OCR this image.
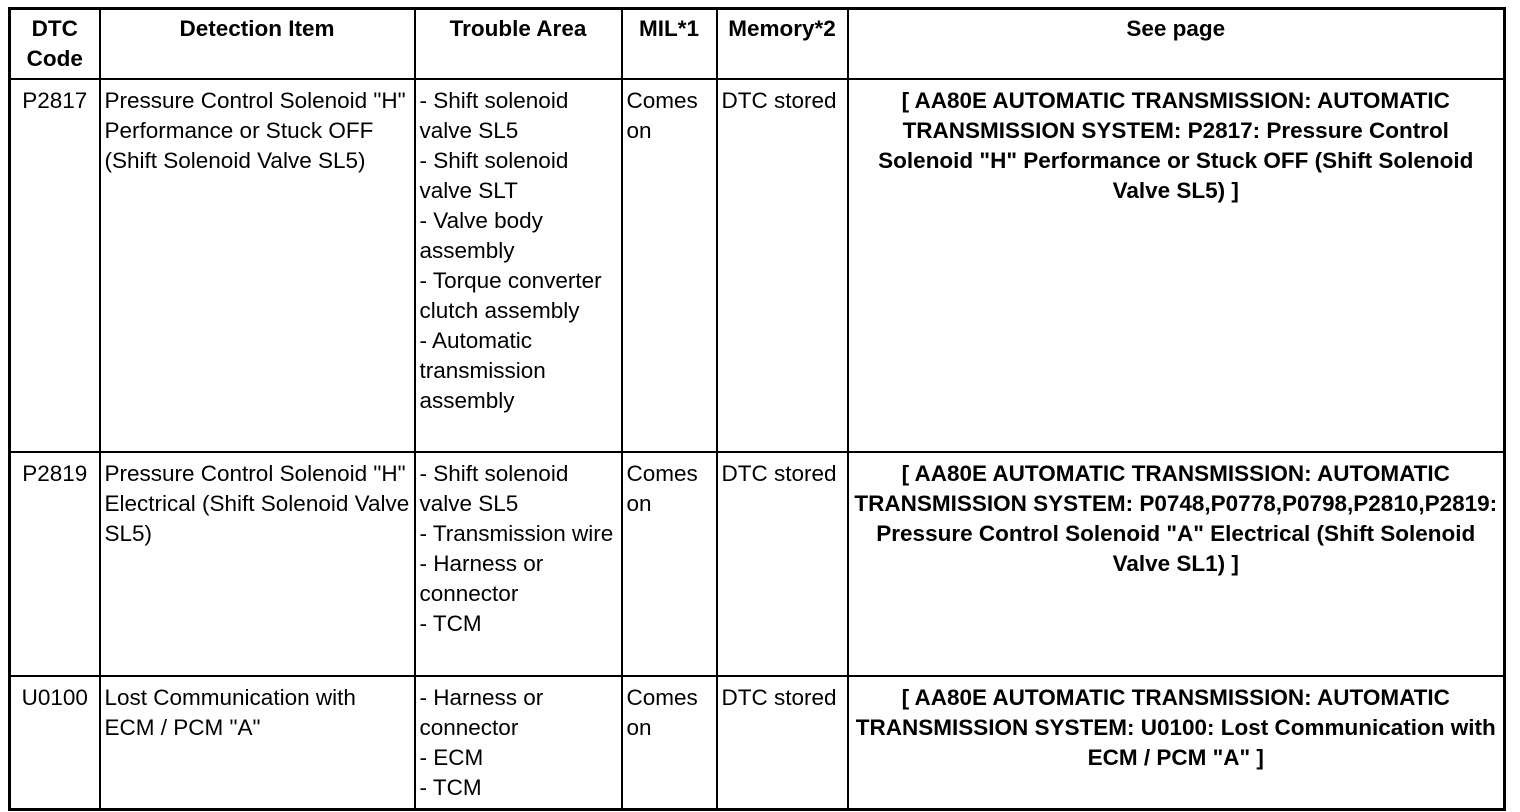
DTC Code	Detection Item	Trouble Area	MIL*1	Memory*2	See page
P2817	Pressure Control Solenoid "H" Performance or Stuck OFF (Shift Solenoid Valve SL5)	- Shift solenoid valve SL5
- Shift solenoid valve SLT
- Valve body assembly
- Torque converter clutch assembly
- Automatic transmission assembly	Comes on	DTC stored	[ AA80E AUTOMATIC TRANSMISSION: AUTOMATIC TRANSMISSION SYSTEM: P2817: Pressure Control Solenoid "H" Performance or Stuck OFF (Shift Solenoid Valve SL5) ]
P2819	Pressure Control Solenoid "H" Electrical (Shift Solenoid Valve SL5)	- Shift solenoid valve SL5
- Transmission wire
- Harness or connector
- TCM	Comes on	DTC stored	[ AA80E AUTOMATIC TRANSMISSION: AUTOMATIC TRANSMISSION SYSTEM: P0748,P0778,P0798,P2810,P2819: Pressure Control Solenoid "A" Electrical (Shift Solenoid Valve SL1) ]
U0100	Lost Communication with ECM / PCM "A"	- Harness or connector
- ECM
- TCM	Comes on	DTC stored	[ AA80E AUTOMATIC TRANSMISSION: AUTOMATIC TRANSMISSION SYSTEM: U0100: Lost Communication with ECM / PCM "A" ]
